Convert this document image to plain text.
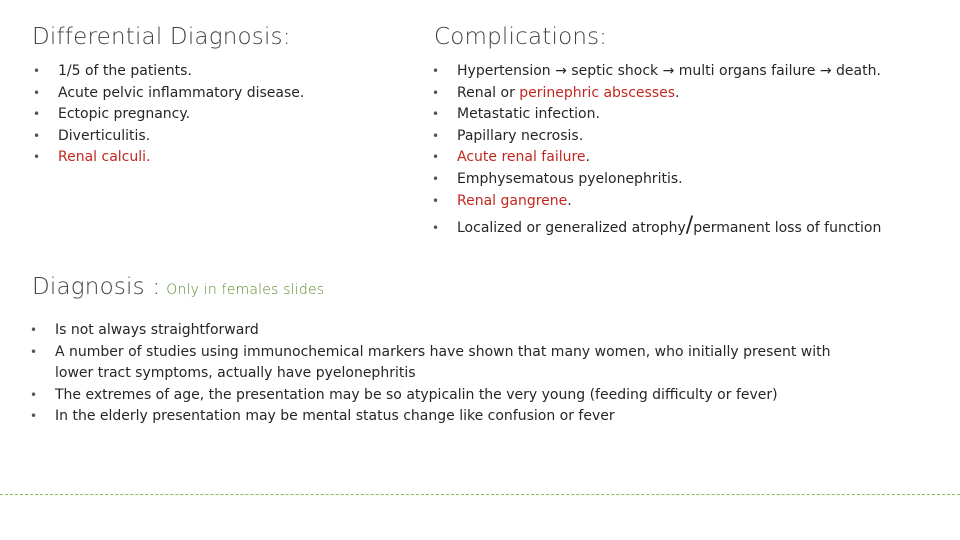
Differential Diagnosis:
• 1/5 of the patients.
• Acute pelvic inflammatory disease.
• Ectopic pregnancy.
• Diverticulitis.
• Renal calculi.
Complications:
• Hypertension → septic shock → multi organs failure → death.
• Renal or perinephric abscesses.
• Metastatic infection.
• Papillary necrosis.
• Acute renal failure.
• Emphysematous pyelonephritis.
• Renal gangrene.
• Localized or generalized atrophy/permanent loss of function
Diagnosis : Only in females slides
• Is not always straightforward
• A number of studies using immunochemical markers have shown that many women, who initially present with lower tract symptoms, actually have pyelonephritis
• The extremes of age, the presentation may be so atypicalin the very young (feeding difficulty or fever)
• In the elderly presentation may be mental status change like confusion or fever
